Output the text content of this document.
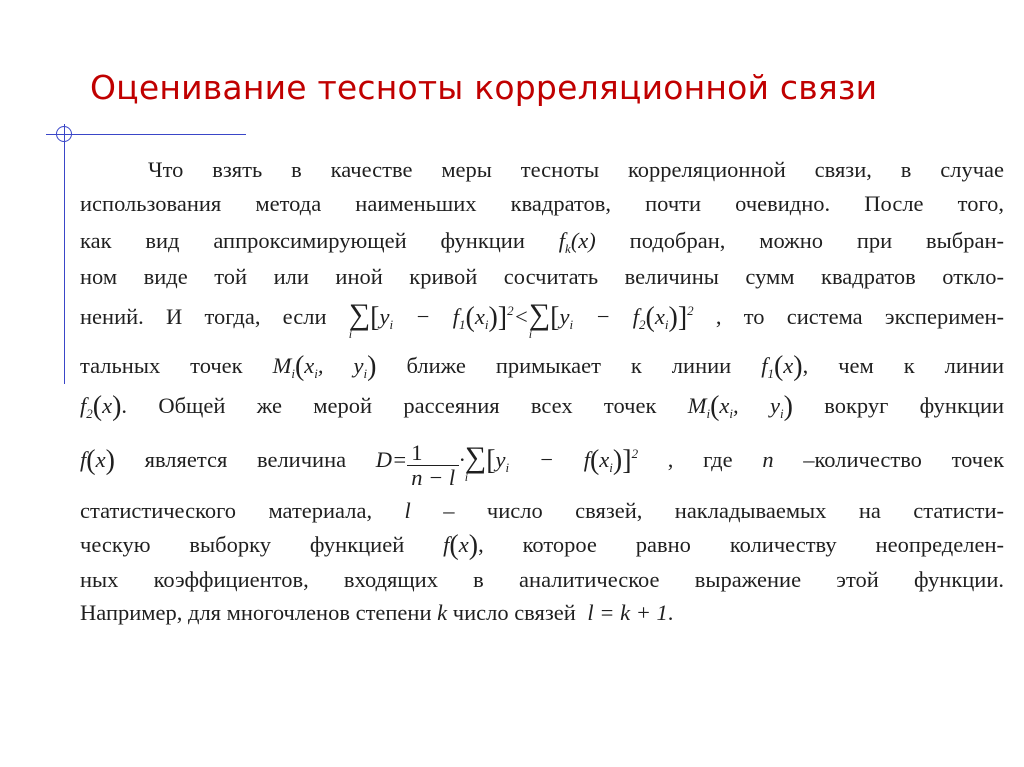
Оценивание тесноты корреляционной связи
Что взять в качестве меры тесноты корреляционной связи, в случае
использования метода наименьших квадратов, почти очевидно. После того,
как вид аппроксимирующей функции $f_k(x)$ подобран, можно при выбран-
ном виде той или иной кривой сосчитать величины сумм квадратов откло-
нений. И тогда, если ∑
i
$[y_i - f_1(x_i)]^2<$ ∑
i
$[y_i - f_2(x_i)]^2$ , то система эксперимен-
тальных точек $M_i(x_i$, $y_i$) ближе примыкает к линии $f_1(x)$, чем к линии
$f_2(x)$. Общей же мерой рассеяния всех точек $M_i(x_i$, $y_i$) вокруг функции
f(x) является величина $D= \frac{1}{n - l}$ · ∑
i
$[y_i - f(x_i)]^2$ , где n –количество точек
статистического материала, l – число связей, накладываемых на статисти-
ческую выборку функцией f(x), которое равно количеству неопределен-
ных коэффициентов, входящих в аналитическое выражение этой функции.
Например, для многочленов степени k число связей l = k + 1.
